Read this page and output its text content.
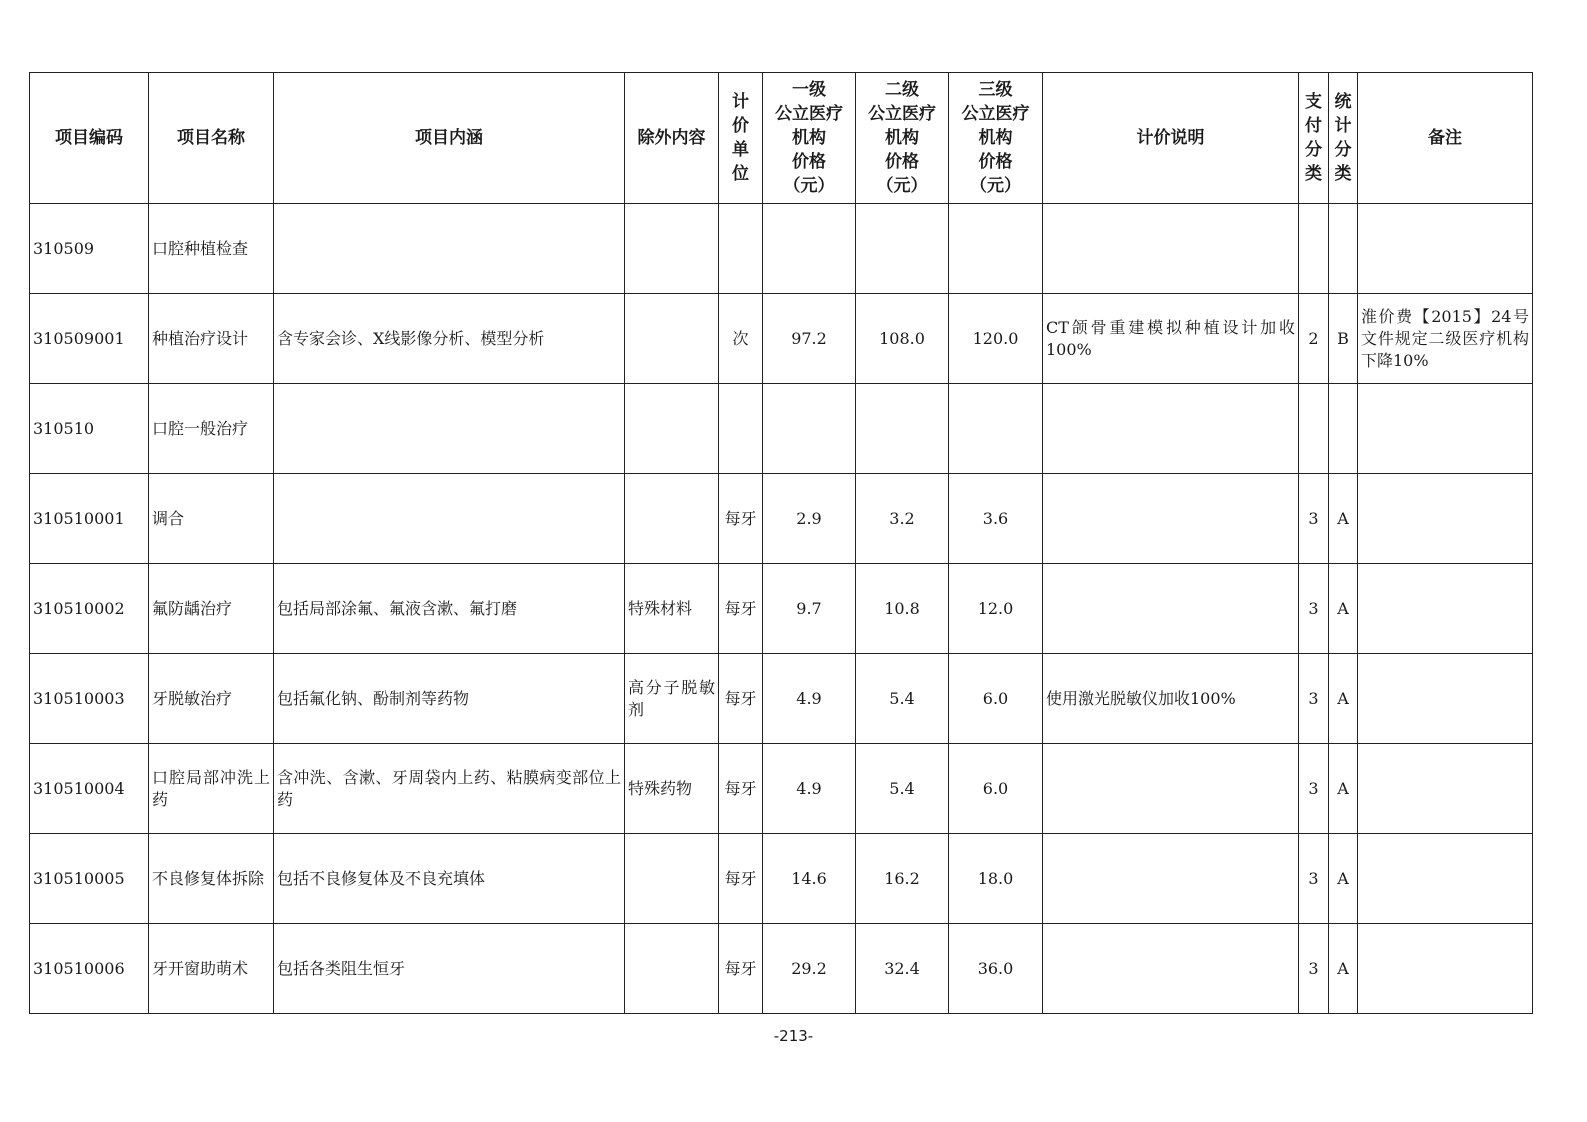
项目编码	项目名称	项目内涵	除外内容	计价单位	一级
公立医疗
机构
价格
（元）	二级
公立医疗
机构
价格
（元）	三级
公立医疗
机构
价格
（元）	计价说明	支付分类	统计分类	备注
310509	口腔种植检查										
310509001	种植治疗设计	含专家会诊、X线影像分析、模型分析		次	97.2	108.0	120.0	CT颌骨重建模拟种植设计加收100%	2	B	淮价费【2015】24号文件规定二级医疗机构下降10%
310510	口腔一般治疗										
310510001	调合			每牙	2.9	3.2	3.6		3	A	
310510002	氟防龋治疗	包括局部涂氟、氟液含漱、氟打磨	特殊材料	每牙	9.7	10.8	12.0		3	A	
310510003	牙脱敏治疗	包括氟化钠、酚制剂等药物	高分子脱敏剂	每牙	4.9	5.4	6.0	使用激光脱敏仪加收100%	3	A	
310510004	口腔局部冲洗上药	含冲洗、含漱、牙周袋内上药、粘膜病变部位上药	特殊药物	每牙	4.9	5.4	6.0		3	A	
310510005	不良修复体拆除	包括不良修复体及不良充填体		每牙	14.6	16.2	18.0		3	A	
310510006	牙开窗助萌术	包括各类阻生恒牙		每牙	29.2	32.4	36.0		3	A	
-213-
